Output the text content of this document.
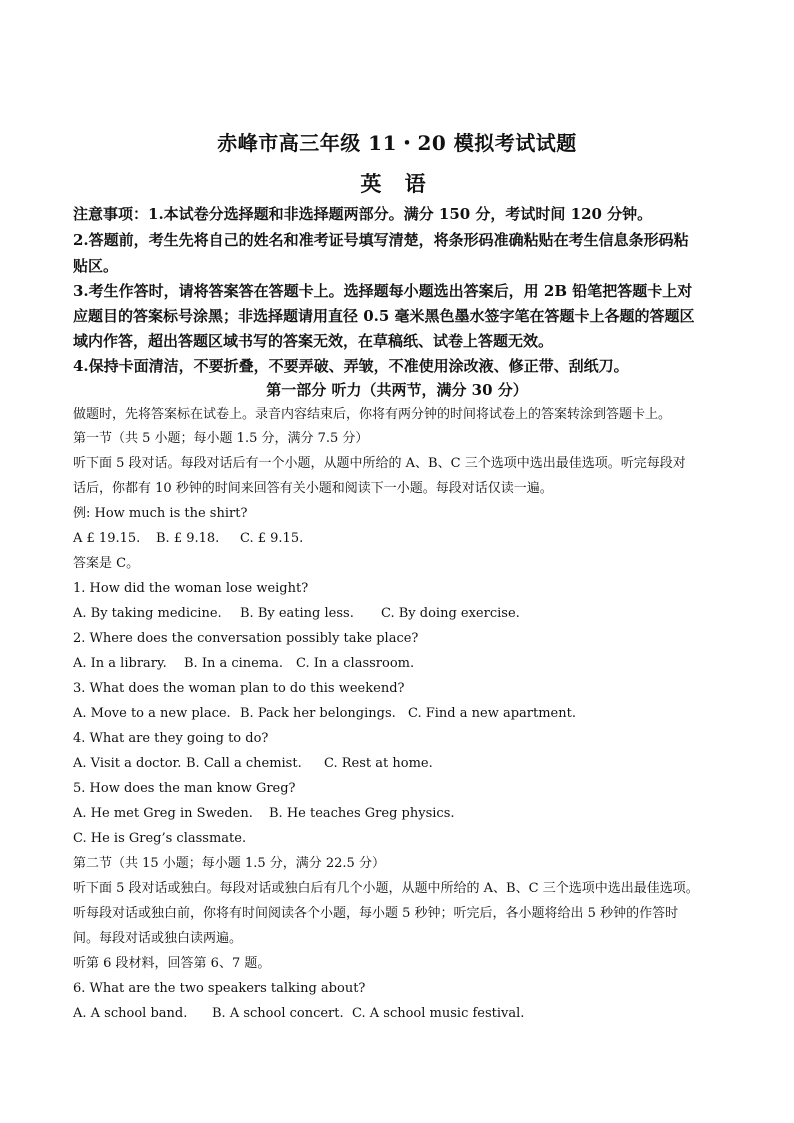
赤峰市高三年级 11・20 模拟考试试题
英 语
注意事项：1.本试卷分选择题和非选择题两部分。满分 150 分，考试时间 120 分钟。
2.答题前，考生先将自己的姓名和准考证号填写清楚，将条形码准确粘贴在考生信息条形码粘
贴区。
3.考生作答时，请将答案答在答题卡上。选择题每小题选出答案后，用 2B 铅笔把答题卡上对
应题目的答案标号涂黑；非选择题请用直径 0.5 毫米黑色墨水签字笔在答题卡上各题的答题区
域内作答，超出答题区域书写的答案无效，在草稿纸、试卷上答题无效。
4.保持卡面清洁，不要折叠，不要弄破、弄皱，不准使用涂改液、修正带、刮纸刀。
第一部分 听力（共两节，满分 30 分）
做题时，先将答案标在试卷上。录音内容结束后，你将有两分钟的时间将试卷上的答案转涂到答题卡上。
第一节（共 5 小题；每小题 1.5 分，满分 7.5 分）
听下面 5 段对话。每段对话后有一个小题，从题中所给的 A、B、C 三个选项中选出最佳选项。听完每段对
话后，你都有 10 秒钟的时间来回答有关小题和阅读下一小题。每段对话仅读一遍。
例: How much is the shirt?
A £ 19.15. B. £ 9.18. C. £ 9.15.
答案是 C。
1. How did the woman lose weight?
A. By taking medicine. B. By eating less. C. By doing exercise.
2. Where does the conversation possibly take place?
A. In a library. B. In a cinema. C. In a classroom.
3. What does the woman plan to do this weekend?
A. Move to a new place. B. Pack her belongings. C. Find a new apartment.
4. What are they going to do?
A. Visit a doctor. B. Call a chemist. C. Rest at home.
5. How does the man know Greg?
A. He met Greg in Sweden. B. He teaches Greg physics.
C. He is Greg’s classmate.
第二节（共 15 小题；每小题 1.5 分，满分 22.5 分）
听下面 5 段对话或独白。每段对话或独白后有几个小题，从题中所给的 A、B、C 三个选项中选出最佳选项。
听每段对话或独白前，你将有时间阅读各个小题，每小题 5 秒钟；听完后，各小题将给出 5 秒钟的作答时
间。每段对话或独白读两遍。
听第 6 段材料，回答第 6、7 题。
6. What are the two speakers talking about?
A. A school band. B. A school concert. C. A school music festival.
